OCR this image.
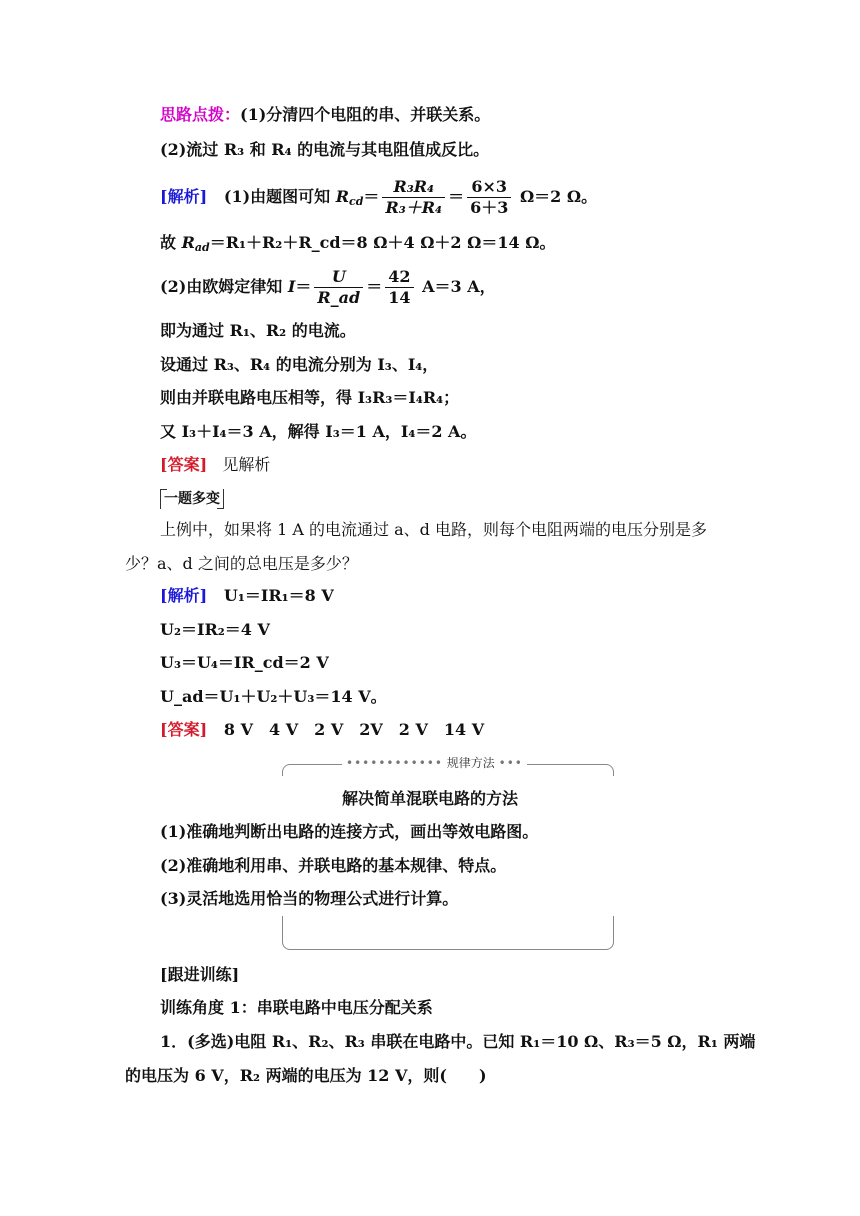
思路点拨：(1)分清四个电阻的串、并联关系。
(2)流过 R₃ 和 R₄ 的电流与其电阻值成反比。
[解析] (1)由题图可知 $R_{cd}= \frac{\text{R₃R₄}}{\text{R₃＋R₄}} = \frac{6\times 3}{6+3} \Omega=2$ Ω。
故 $R_{ad}=R_1+R_2+R\_cd=8$ Ω＋4 Ω＋2 Ω＝14 Ω。
(2)由欧姆定律知 $I= \frac{U}{R\_ad} = \frac{42}{14} A=3$ A，
即为通过 R₁、R₂ 的电流。
设通过 R₃、R₄ 的电流分别为 I₃、I₄，
则由并联电路电压相等，得 I₃R₃＝I₄R₄；
又 I₃＋I₄＝3 A，解得 I₃＝1 A，I₄＝2 A。
[答案] 见解析
一题多变
上例中，如果将 1 A 的电流通过 a、d 电路，则每个电阻两端的电压分别是多
少？a、d 之间的总电压是多少？
[解析] U₁＝IR₁＝8 V
U₂＝IR₂＝4 V
U₃＝U₄＝IR_cd＝2 V
U_ad＝U₁＋U₂＋U₃＝14 V。
[答案] 8 V　4 V　2 V　2V　2 V　14 V
•••••••••••• 规律方法 •••
解决简单混联电路的方法
(1)准确地判断出电路的连接方式，画出等效电路图。
(2)准确地利用串、并联电路的基本规律、特点。
(3)灵活地选用恰当的物理公式进行计算。
[跟进训练]
训练角度 1：串联电路中电压分配关系
1．(多选)电阻 R₁、R₂、R₃ 串联在电路中。已知 R₁＝10 Ω、R₃＝5 Ω，R₁ 两端
的电压为 6 V，R₂ 两端的电压为 12 V，则(　　)
